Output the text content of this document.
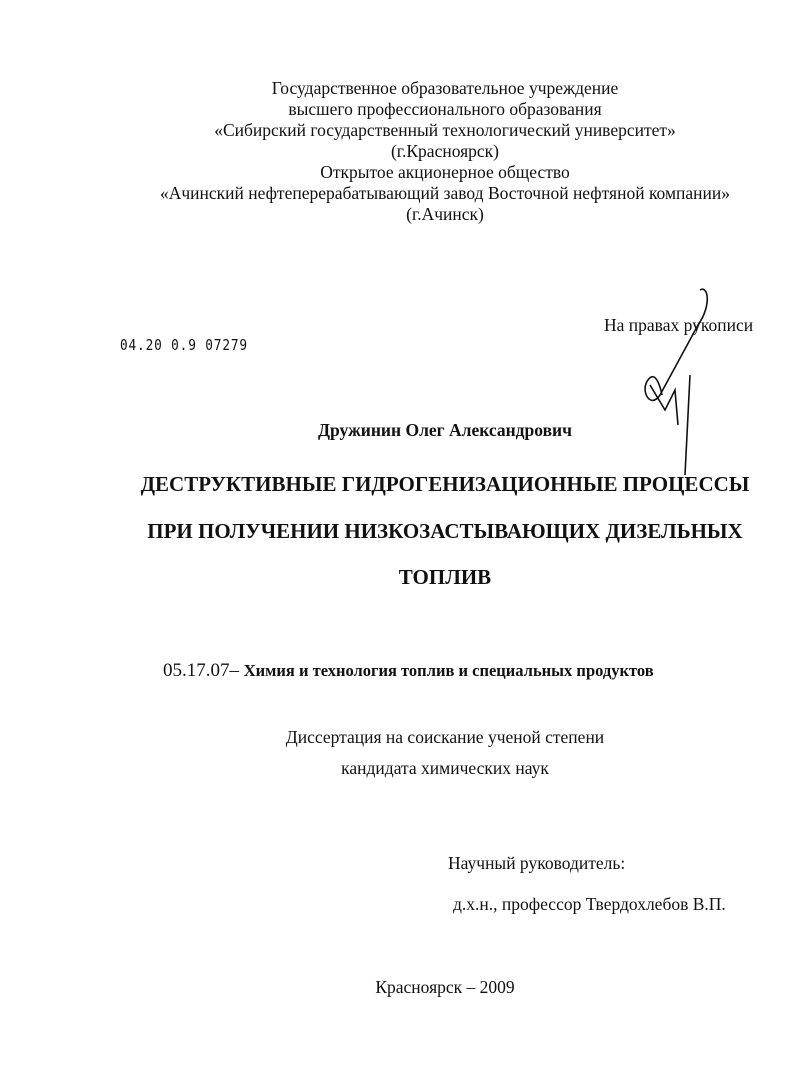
Государственное образовательное учреждение
высшего профессионального образования
«Сибирский государственный технологический университет»
(г.Красноярск)
Открытое акционерное общество
«Ачинский нефтеперерабатывающий завод Восточной нефтяной компании»
(г.Ачинск)
04.20 0.9 07279
На правах рукописи
Дружинин Олег Александрович
ДЕСТРУКТИВНЫЕ ГИДРОГЕНИЗАЦИОННЫЕ ПРОЦЕССЫ
ПРИ ПОЛУЧЕНИИ НИЗКОЗАСТЫВАЮЩИХ ДИЗЕЛЬНЫХ
ТОПЛИВ
05.17.07– Химия и технология топлив и специальных продуктов
Диссертация на соискание ученой степени
кандидата химических наук
Научный руководитель:
д.х.н., профессор Твердохлебов В.П.
Красноярск – 2009
